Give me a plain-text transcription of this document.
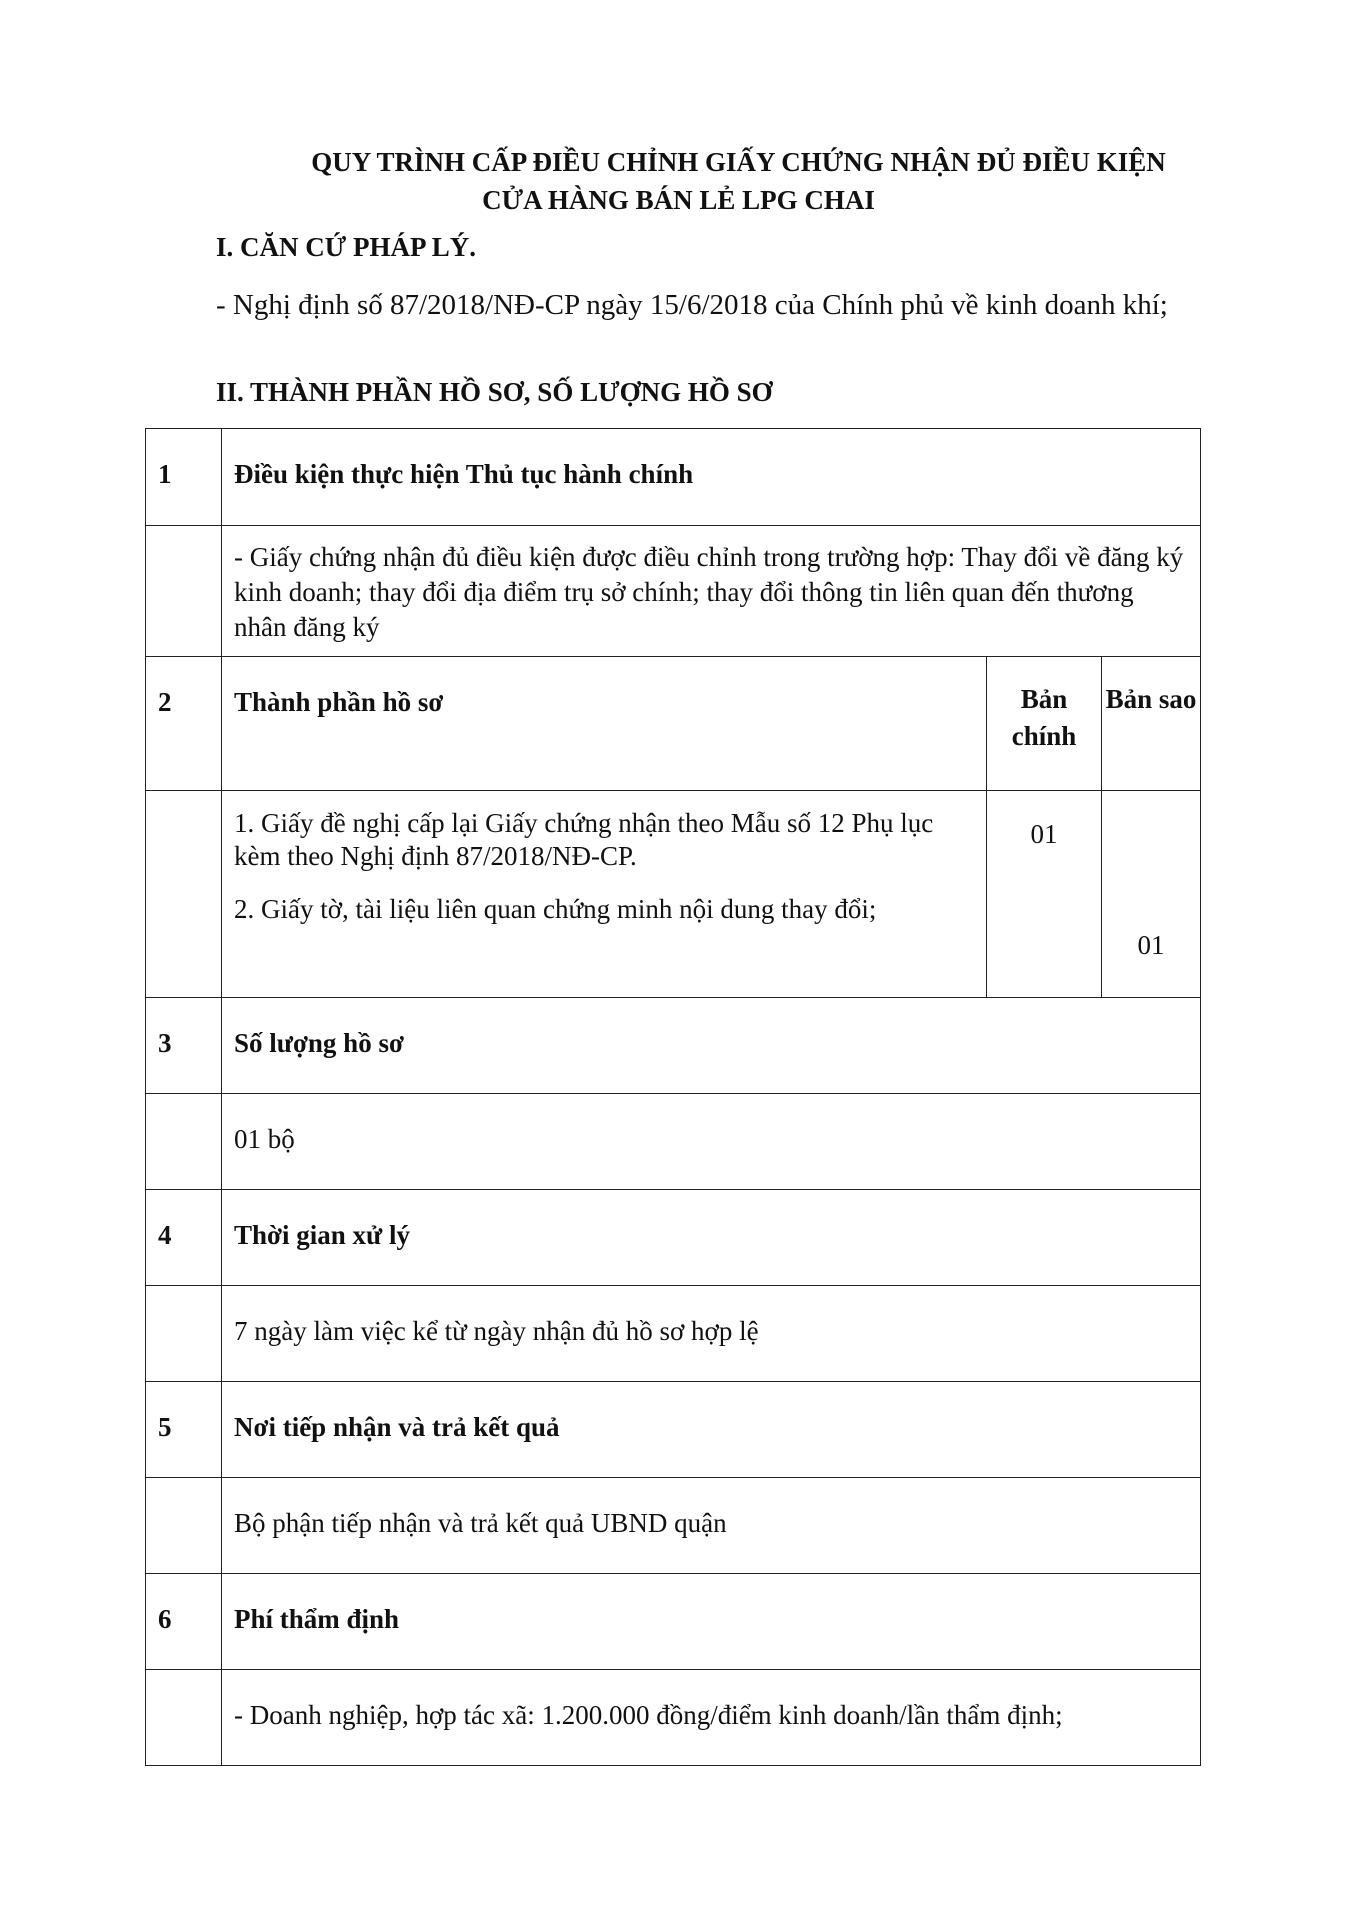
QUY TRÌNH CẤP ĐIỀU CHỈNH GIẤY CHỨNG NHẬN ĐỦ ĐIỀU KIỆN
CỬA HÀNG BÁN LẺ LPG CHAI
I. CĂN CỨ PHÁP LÝ.
- Nghị định số 87/2018/NĐ-CP ngày 15/6/2018 của Chính phủ về kinh doanh khí;
II. THÀNH PHẦN HỒ SƠ, SỐ LƯỢNG HỒ SƠ
1	Điều kiện thực hiện Thủ tục hành chính		

	- Giấy chứng nhận đủ điều kiện được điều chỉnh trong trường hợp: Thay đổi về đăng ký kinh doanh; thay đổi địa điểm trụ sở chính; thay đổi thông tin liên quan đến thương nhân đăng ký		

2	Thành phần hồ sơ	Bản chính	Bản sao

	1. Giấy đề nghị cấp lại Giấy chứng nhận theo Mẫu số 12 Phụ lục kèm theo Nghị định 87/2018/NĐ-CP.
2. Giấy tờ, tài liệu liên quan chứng minh nội dung thay đổi;	01	01

3	Số lượng hồ sơ		

	01 bộ		

4	Thời gian xử lý		

	7 ngày làm việc kể từ ngày nhận đủ hồ sơ hợp lệ		

5	Nơi tiếp nhận và trả kết quả		

	Bộ phận tiếp nhận và trả kết quả UBND quận		

6	Phí thẩm định		

	- Doanh nghiệp, hợp tác xã: 1.200.000 đồng/điểm kinh doanh/lần thẩm định;		
